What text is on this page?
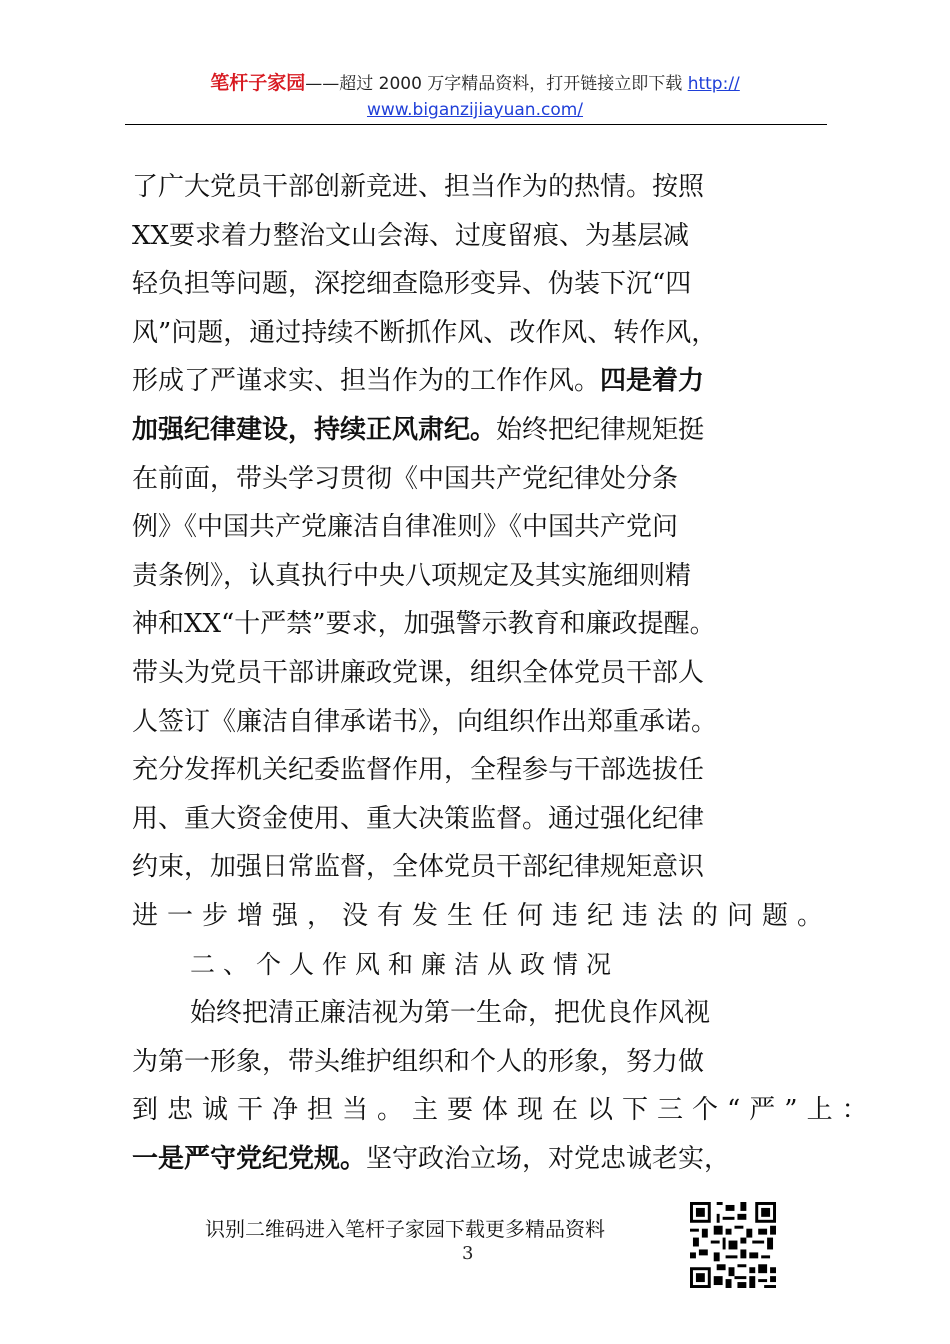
笔杆子家园——超过 2000 万字精品资料，打开链接立即下载 http://
www.biganzijiayuan.com/
了广大党员干部创新竞进、担当作为的热情。按照
XX要求着力整治文山会海、过度留痕、为基层减
轻负担等问题，深挖细查隐形变异、伪装下沉“四
风”问题，通过持续不断抓作风、改作风、转作风，
形成了严谨求实、担当作为的工作作风。四是着力
加强纪律建设，持续正风肃纪。始终把纪律规矩挺
在前面，带头学习贯彻《中国共产党纪律处分条
例》《中国共产党廉洁自律准则》《中国共产党问
责条例》，认真执行中央八项规定及其实施细则精
神和XX“十严禁”要求，加强警示教育和廉政提醒。
带头为党员干部讲廉政党课，组织全体党员干部人
人签订《廉洁自律承诺书》，向组织作出郑重承诺。
充分发挥机关纪委监督作用，全程参与干部选拔任
用、重大资金使用、重大决策监督。通过强化纪律
约束，加强日常监督，全体党员干部纪律规矩意识
进一步增强，没有发生任何违纪违法的问题。
二、个人作风和廉洁从政情况
始终把清正廉洁视为第一生命，把优良作风视
为第一形象，带头维护组织和个人的形象，努力做
到忠诚干净担当。主要体现在以下三个“严”上：
一是严守党纪党规。坚守政治立场，对党忠诚老实，
识别二维码进入笔杆子家园下载更多精品资料
3
